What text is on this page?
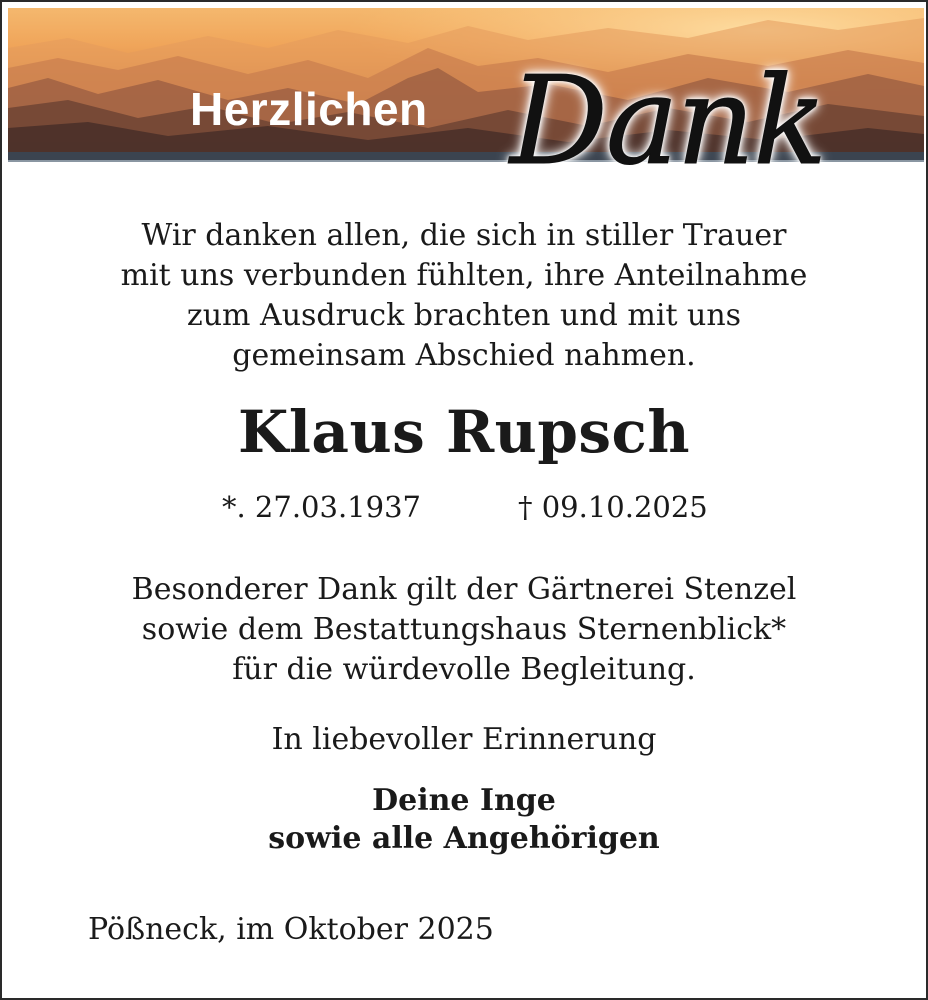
Herzlichen Dank
Wir danken allen, die sich in stiller Trauer
mit uns verbunden fühlten, ihre Anteilnahme
zum Ausdruck brachten und mit uns
gemeinsam Abschied nahmen.
Klaus Rupsch
*. 27.03.1937	† 09.10.2025
Besonderer Dank gilt der Gärtnerei Stenzel
sowie dem Bestattungshaus Sternenblick*
für die würdevolle Begleitung.
In liebevoller Erinnerung
Deine Inge
sowie alle Angehörigen
Pößneck, im Oktober 2025
